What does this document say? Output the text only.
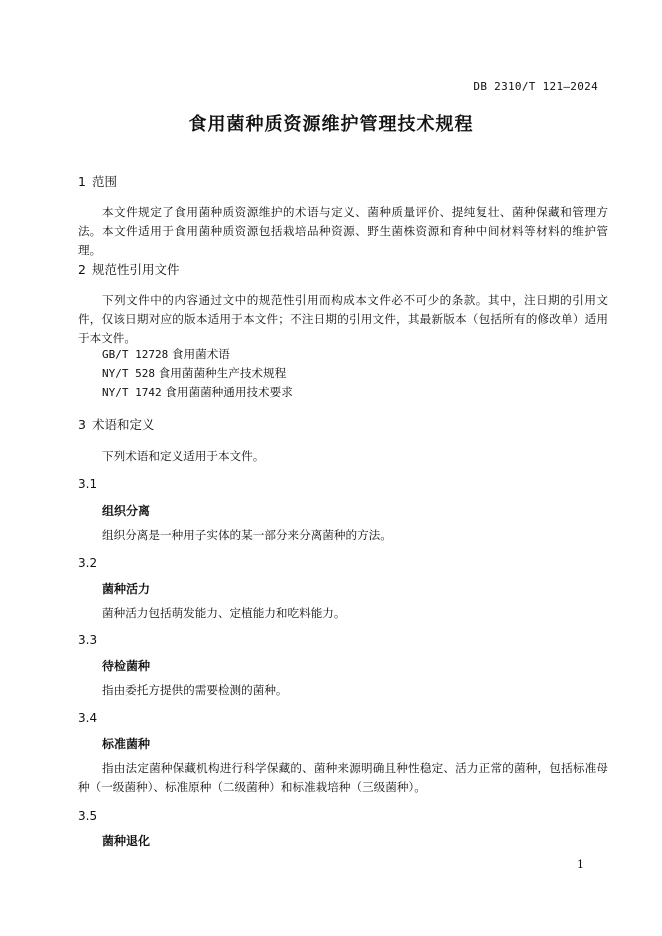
DB 2310/T 121—2024
食用菌种质资源维护管理技术规程
1 范围
本文件规定了食用菌种质资源维护的术语与定义、菌种质量评价、提纯复壮、菌种保藏和管理方法。 本文件适用于食用菌种质资源包括栽培品种资源、野生菌株资源和育种中间材料等材料的维护管理。
2 规范性引用文件
下列文件中的内容通过文中的规范性引用而构成本文件必不可少的条款。其中，注日期的引用文件，仅该日期对应的版本适用于本文件；不注日期的引用文件，其最新版本（包括所有的修改单）适用于本文件。
GB/T 12728 食用菌术语
NY/T 528 食用菌菌种生产技术规程
NY/T 1742 食用菌菌种通用技术要求
3 术语和定义
下列术语和定义适用于本文件。
3.1
组织分离
组织分离是一种用子实体的某一部分来分离菌种的方法。
3.2
菌种活力
菌种活力包括萌发能力、定植能力和吃料能力。
3.3
待检菌种
指由委托方提供的需要检测的菌种。
3.4
标准菌种
指由法定菌种保藏机构进行科学保藏的、菌种来源明确且种性稳定、活力正常的菌种，包括标准母种（一级菌种）、标准原种（二级菌种）和标准栽培种（三级菌种）。
3.5
菌种退化
1
